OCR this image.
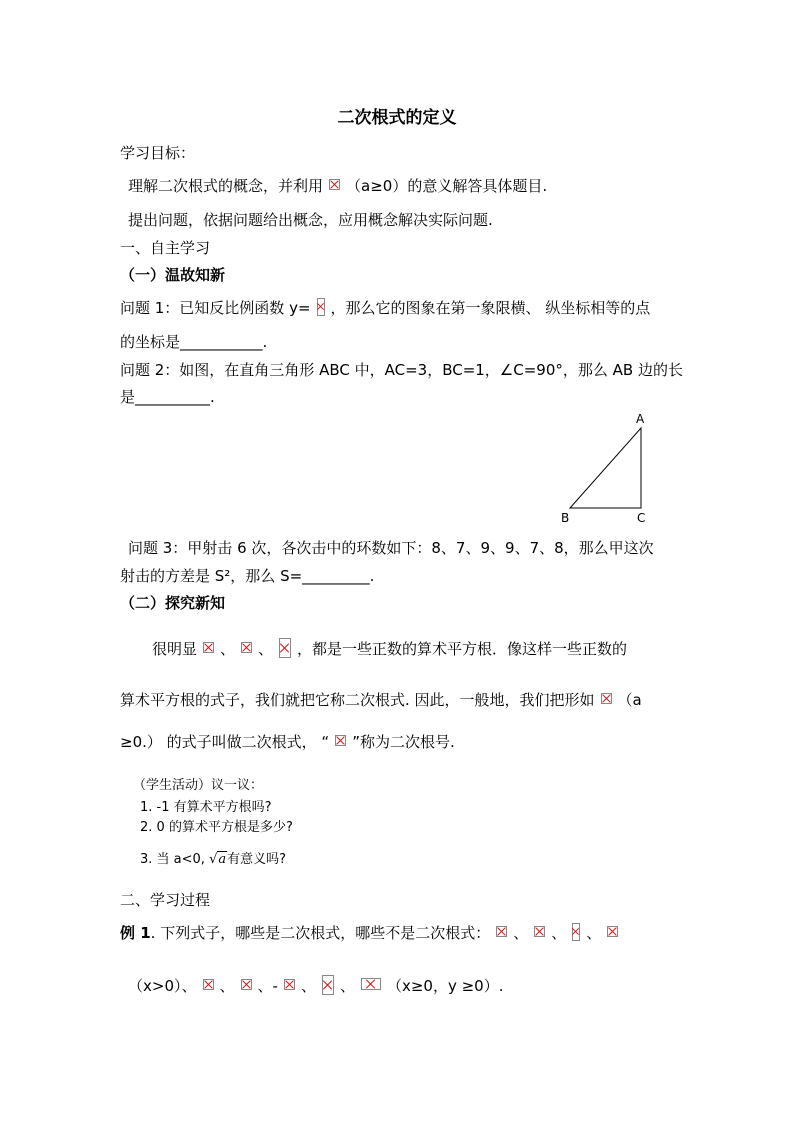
二次根式的定义
学习目标：
理解二次根式的概念，并利用 （a≥0）的意义解答具体题目.
提出问题，依据问题给出概念，应用概念解决实际问题.
一、自主学习
（一）温故知新
问题 1：已知反比例函数 y= ，那么它的图象在第一象限横、 纵坐标相等的点
的坐标是___________.
问题 2：如图，在直角三角形 ABC 中，AC=3，BC=1，∠C=90°，那么 AB 边的长
是__________.
A
B	C
问题 3：甲射击 6 次，各次击中的环数如下：8、7、9、9、7、8，那么甲这次
射击的方差是 S²，那么 S=_________.
（二）探究新知
很明显 、 、 ，都是一些正数的算术平方根．像这样一些正数的
算术平方根的式子，我们就把它称二次根式. 因此，一般地，我们把形如 （a
≥0.） 的式子叫做二次根式， “ ”称为二次根号.
（学生活动）议一议：
1. -1 有算术平方根吗?
2. 0 的算术平方根是多少?
3. 当 a<0, √a有意义吗?
二、学习过程
例 1. 下列式子，哪些是二次根式，哪些不是二次根式： 、 、 、
（x>0）、 、 、- 、 、 （x≥0，y ≥0）.
